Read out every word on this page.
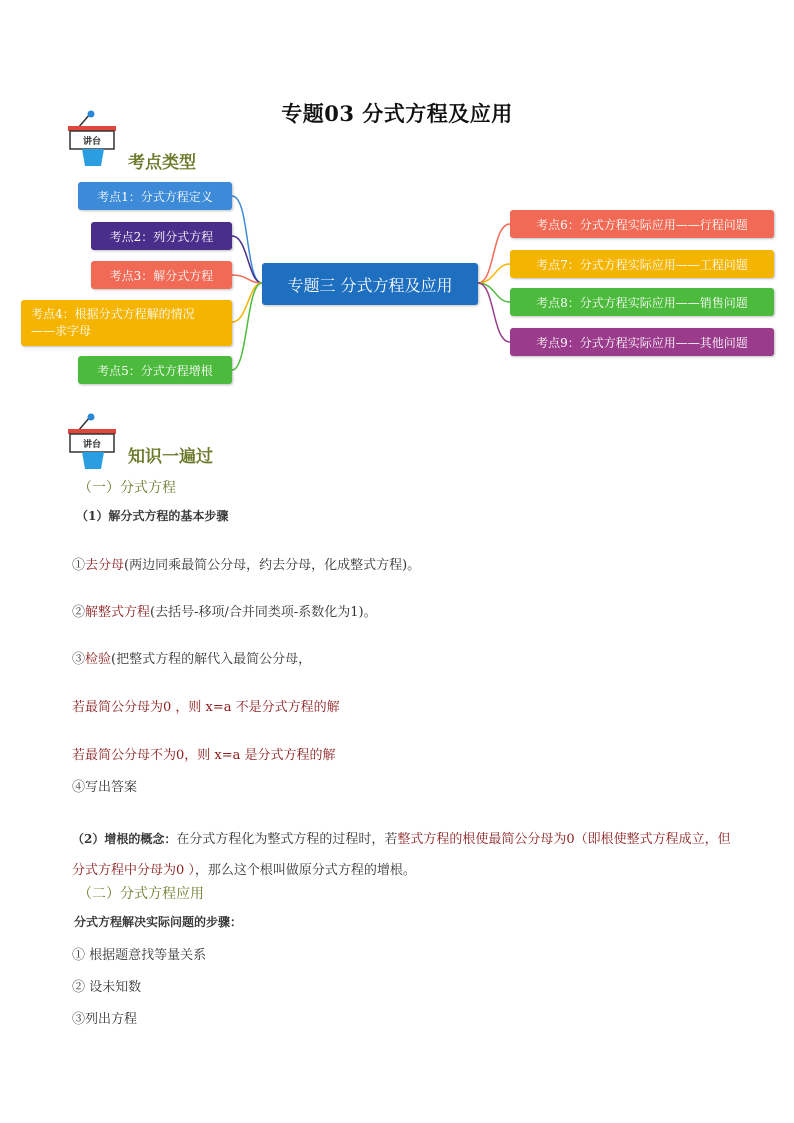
专题03 分式方程及应用
讲台
考点类型
专题三 分式方程及应用
考点1：分式方程定义
考点2：列分式方程
考点3：解分式方程
考点4：根据分式方程解的情况
——求字母
考点5：分式方程增根
考点6：分式方程实际应用——行程问题
考点7：分式方程实际应用——工程问题
考点8：分式方程实际应用——销售问题
考点9：分式方程实际应用——其他问题
讲台
知识一遍过
（一）分式方程
（1）解分式方程的基本步骤
①去分母(两边同乘最简公分母，约去分母，化成整式方程)。
②解整式方程(去括号-移项/合并同类项-系数化为1)。
③检验(把整式方程的解代入最简公分母，
若最简公分母为0 ，则 x=a 不是分式方程的解
若最简公分母不为0，则 x=a 是分式方程的解
④写出答案
（2）增根的概念：在分式方程化为整式方程的过程时，若整式方程的根使最简公分母为0（即根使整式方程成立，但分式方程中分母为0 ），那么这个根叫做原分式方程的增根。
（二）分式方程应用
分式方程解决实际问题的步骤：
① 根据题意找等量关系
② 设未知数
③列出方程
